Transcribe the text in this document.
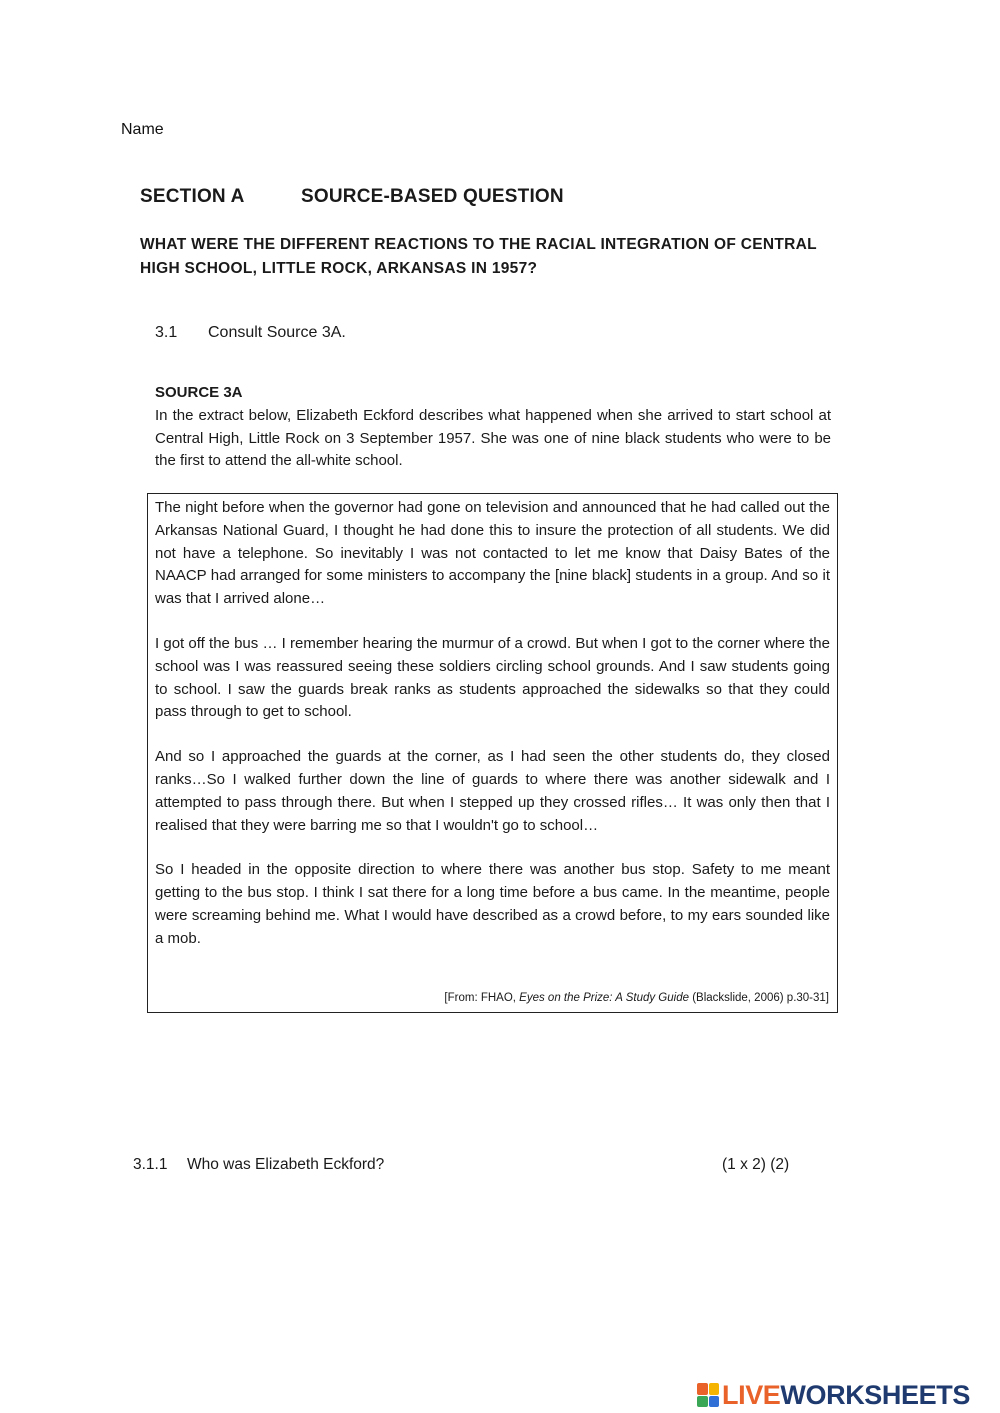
Name
SECTION A	SOURCE-BASED QUESTION
WHAT WERE THE DIFFERENT REACTIONS TO THE RACIAL INTEGRATION OF CENTRAL HIGH SCHOOL, LITTLE ROCK, ARKANSAS IN 1957?
3.1 Consult Source 3A.
SOURCE 3A
In the extract below, Elizabeth Eckford describes what happened when she arrived to start school at Central High, Little Rock on 3 September 1957. She was one of nine black students who were to be the first to attend the all-white school.

The night before when the governor had gone on television and announced that he had called out the Arkansas National Guard, I thought he had done this to insure the protection of all students. We did not have a telephone. So inevitably I was not contacted to let me know that Daisy Bates of the NAACP had arranged for some ministers to accompany the [nine black] students in a group. And so it was that I arrived alone…

I got off the bus … I remember hearing the murmur of a crowd. But when I got to the corner where the school was I was reassured seeing these soldiers circling school grounds. And I saw students going to school. I saw the guards break ranks as students approached the sidewalks so that they could pass through to get to school.

And so I approached the guards at the corner, as I had seen the other students do, they closed ranks…So I walked further down the line of guards to where there was another sidewalk and I attempted to pass through there. But when I stepped up they crossed rifles… It was only then that I realised that they were barring me so that I wouldn't go to school…

So I headed in the opposite direction to where there was another bus stop. Safety to me meant getting to the bus stop. I think I sat there for a long time before a bus came. In the meantime, people were screaming behind me. What I would have described as a crowd before, to my ears sounded like a mob.

[From: FHAO, Eyes on the Prize: A Study Guide (Blackslide, 2006) p.30-31]
3.1.1 Who was Elizabeth Eckford?	(1 x 2) (2)
LIVEWORKSHEETS
